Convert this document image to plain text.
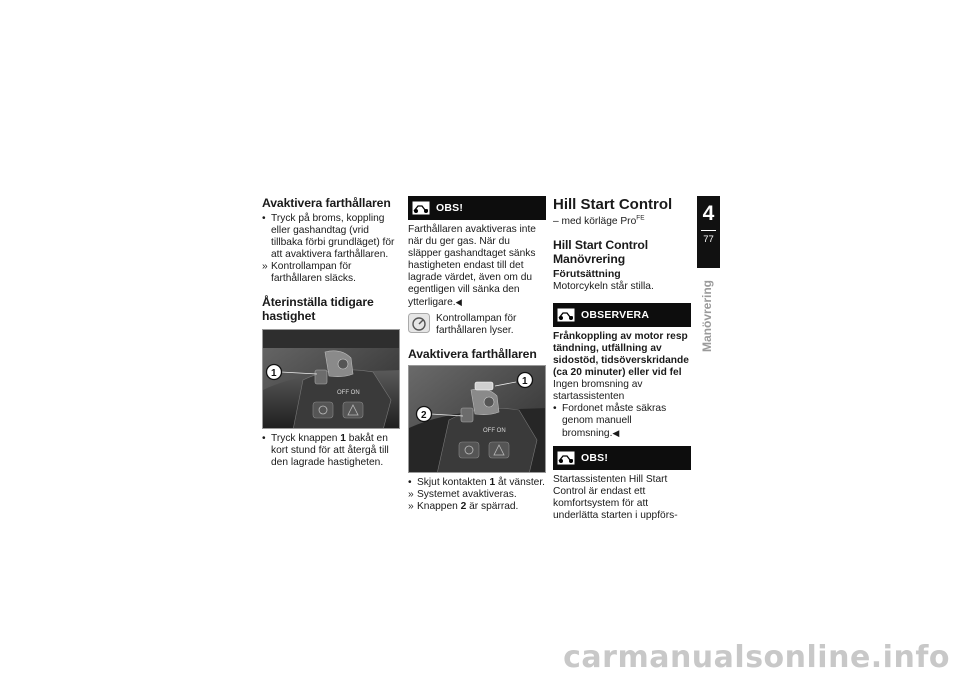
Avaktivera farthållaren
• Tryck på broms, koppling eller gashandtag (vrid tillbaka förbi grundläget) för att avaktivera farthållaren.
» Kontrollampan för farthållaren släcks.
Återinställa tidigare hastighet
OFF ON
1
• Tryck knappen 1 bakåt en kort stund för att återgå till den lagrade hastigheten.
OBS!
Farthållaren avaktiveras inte när du ger gas. När du släpper gashandtaget sänks hastigheten endast till det lagrade värdet, även om du egentligen vill sänka den ytterligare.◀
Kontrollampan för farthållaren lyser.
Avaktivera farthållaren
OFF ON
1
2
• Skjut kontakten 1 åt vänster.
» Systemet avaktiveras.
» Knappen 2 är spärrad.
Hill Start Control
– med körläge Pro$^{FE}$
Hill Start Control Manövrering
Förutsättning
Motorcykeln står stilla.
OBSERVERA
Frånkoppling av motor resp tändning, utfällning av sidostöd, tidsöverskridande (ca 20 minuter) eller vid fel
Ingen bromsning av startassistenten
• Fordonet måste säkras genom manuell bromsning.◀
OBS!
Startassistenten Hill Start Control är endast ett komfortsystem för att underlätta starten i uppförs-
4
77
Manövrering
carmanualsonline.info
